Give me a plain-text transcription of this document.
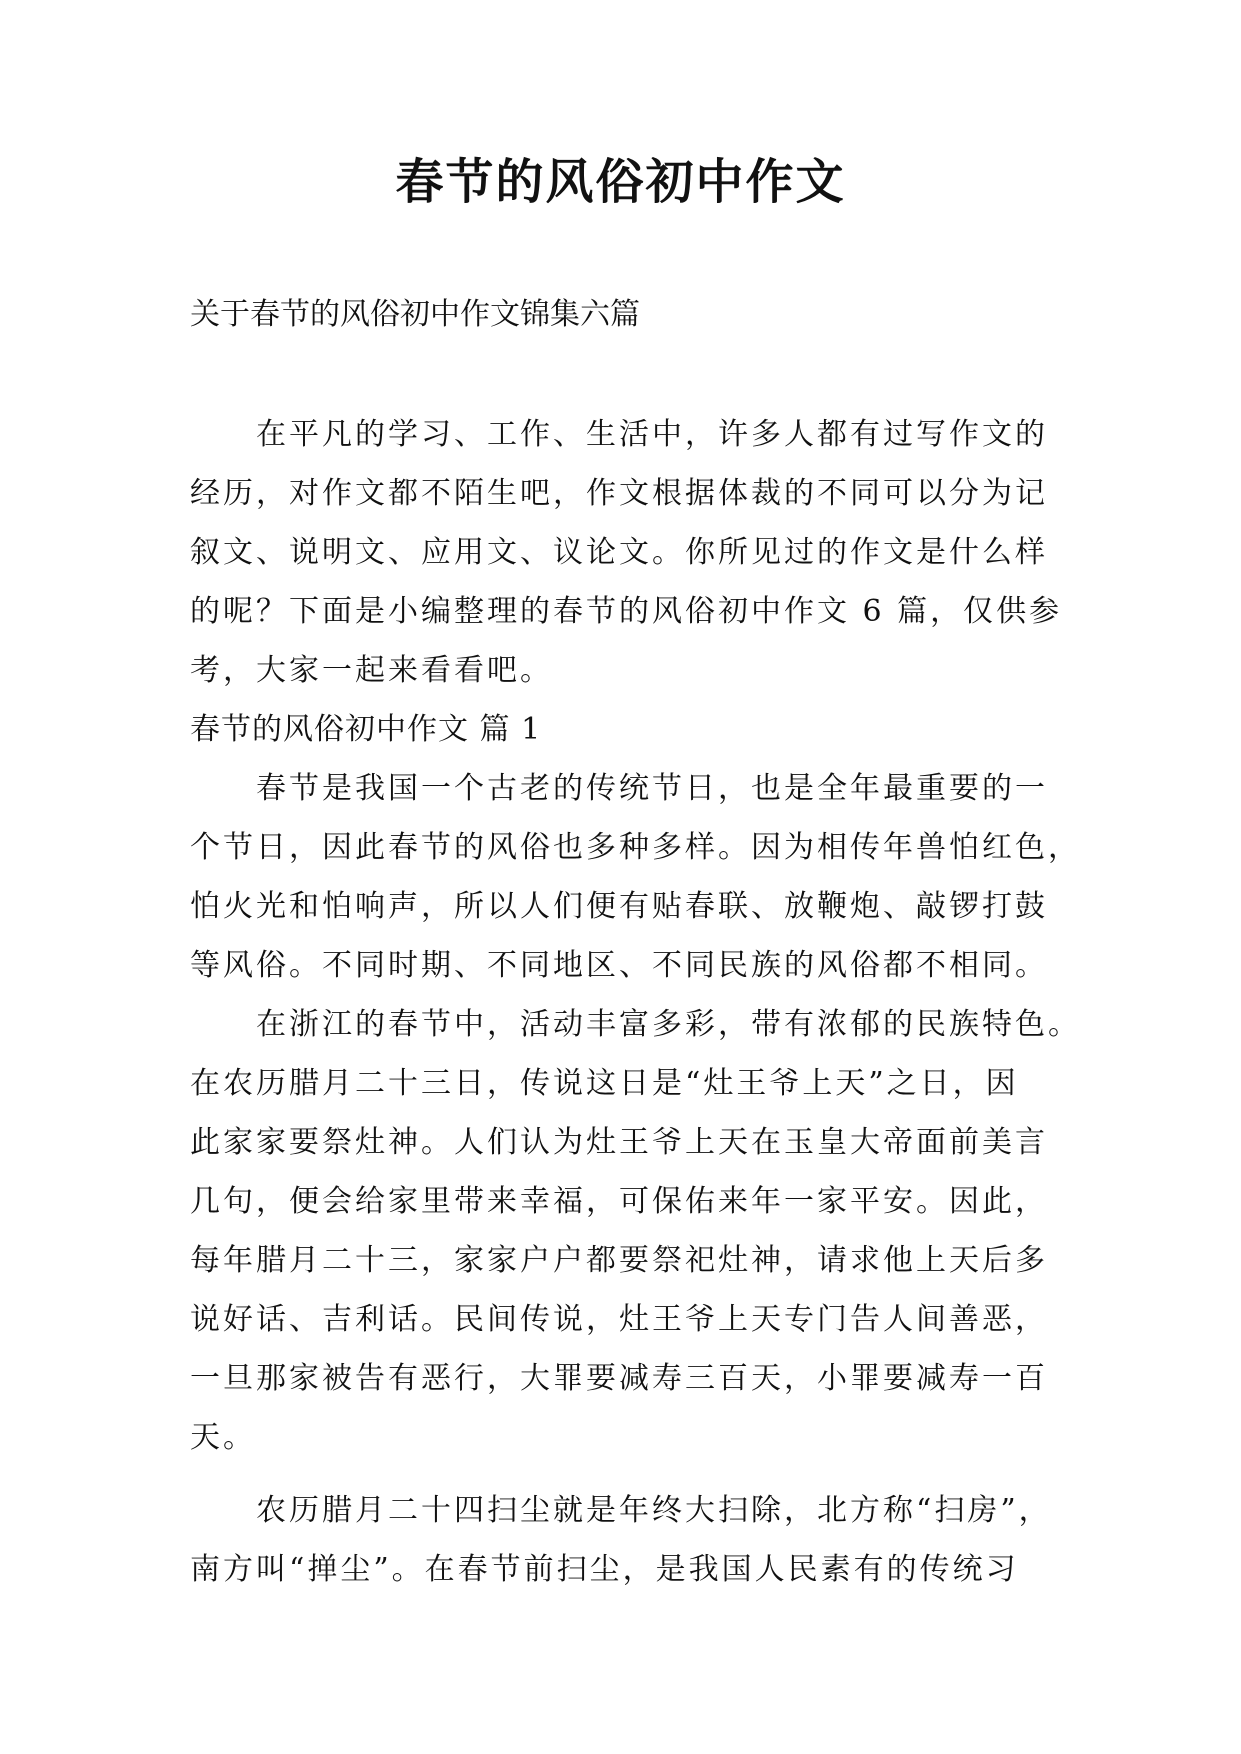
春节的风俗初中作文
关于春节的风俗初中作文锦集六篇
在平凡的学习、工作、生活中，许多人都有过写作文的
经历，对作文都不陌生吧，作文根据体裁的不同可以分为记
叙文、说明文、应用文、议论文。你所见过的作文是什么样
的呢？下面是小编整理的春节的风俗初中作文 6 篇，仅供参
考，大家一起来看看吧。
春节的风俗初中作文 篇 1
春节是我国一个古老的传统节日，也是全年最重要的一
个节日，因此春节的风俗也多种多样。因为相传年兽怕红色，
怕火光和怕响声，所以人们便有贴春联、放鞭炮、敲锣打鼓
等风俗。不同时期、不同地区、不同民族的风俗都不相同。
在浙江的春节中，活动丰富多彩，带有浓郁的民族特色。
在农历腊月二十三日，传说这日是“灶王爷上天”之日，因
此家家要祭灶神。人们认为灶王爷上天在玉皇大帝面前美言
几句，便会给家里带来幸福，可保佑来年一家平安。因此，
每年腊月二十三，家家户户都要祭祀灶神，请求他上天后多
说好话、吉利话。民间传说，灶王爷上天专门告人间善恶，
一旦那家被告有恶行，大罪要减寿三百天，小罪要减寿一百
天。
农历腊月二十四扫尘就是年终大扫除，北方称“扫房”，
南方叫“掸尘”。在春节前扫尘，是我国人民素有的传统习
